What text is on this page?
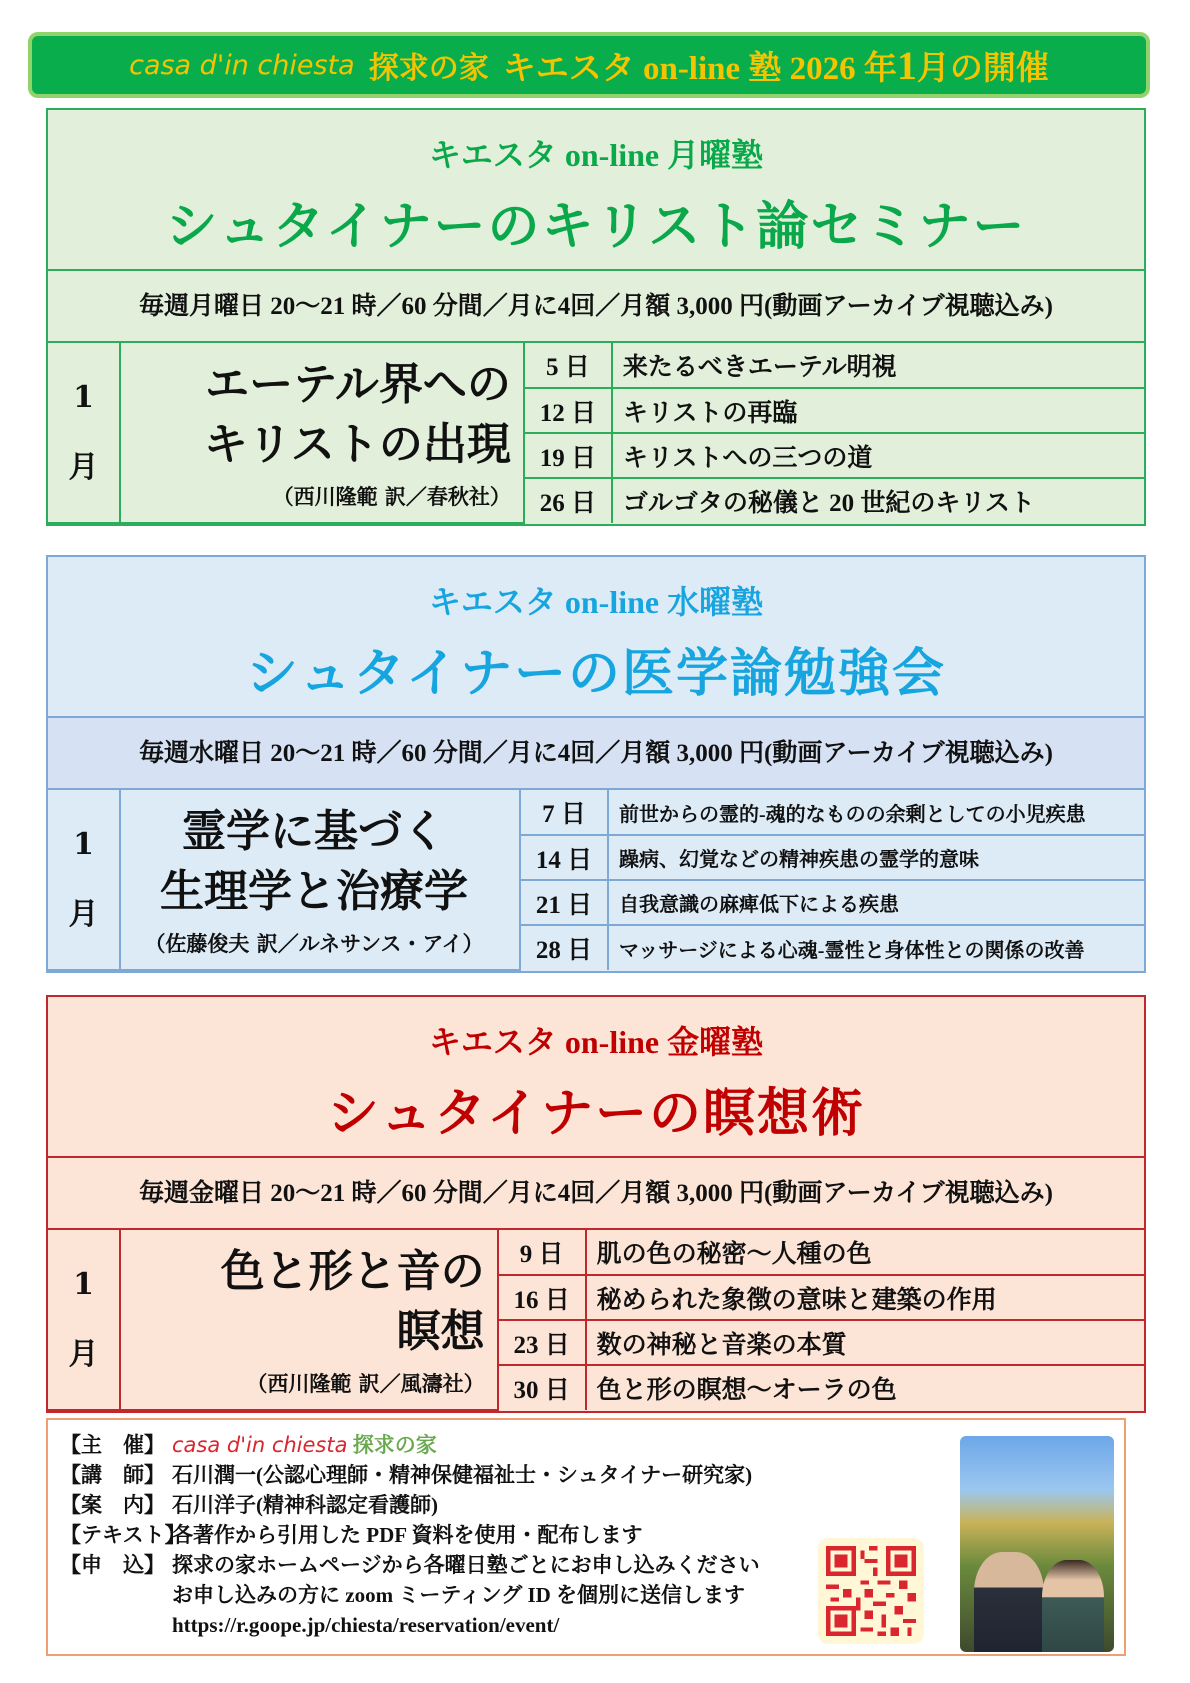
casa d'in chiesta 探求の家 キエスタ on-line 塾 2026 年1月の開催
キエスタ on-line 月曜塾
シュタイナーのキリスト論セミナー
毎週月曜日 20～21 時／60 分間／月に4回／月額 3,000 円(動画アーカイブ視聴込み)
1
月

エーテル界への
キリストの出現
（西川隆範 訳／春秋社）
	5 日	来たるべきエーテル明視
		12 日	キリストの再臨
		19 日	キリストへの三つの道
		26 日	ゴルゴタの秘儀と 20 世紀のキリスト
キエスタ on-line 水曜塾
シュタイナーの医学論勉強会
毎週水曜日 20～21 時／60 分間／月に4回／月額 3,000 円(動画アーカイブ視聴込み)
1
月

霊学に基づく
生理学と治療学
（佐藤俊夫 訳／ルネサンス・アイ）
	7 日	前世からの霊的-魂的なものの余剰としての小児疾患
		14 日	躁病、幻覚などの精神疾患の霊学的意味
		21 日	自我意識の麻痺低下による疾患
		28 日	マッサージによる心魂-霊性と身体性との関係の改善
キエスタ on-line 金曜塾
シュタイナーの瞑想術
毎週金曜日 20～21 時／60 分間／月に4回／月額 3,000 円(動画アーカイブ視聴込み)
1
月

色と形と音の
瞑想
（西川隆範 訳／風濤社）
	9 日	肌の色の秘密～人種の色
		16 日	秘められた象徴の意味と建築の作用
		23 日	数の神秘と音楽の本質
		30 日	色と形の瞑想～オーラの色
【主　催】 casa d'in chiesta
探求の家
【講　師】 石川潤一(公認心理師・精神保健福祉士・シュタイナー研究家)
【案　内】 石川洋子(精神科認定看護師)
【テキスト】
各著作から引用した PDF 資料を使用・配布します
【申　込】 探求の家ホームページから各曜日塾ごとにお申し込みください
お申し込みの方に zoom ミーティング ID を個別に送信します
https://r.goope.jp/chiesta/reservation/event/
